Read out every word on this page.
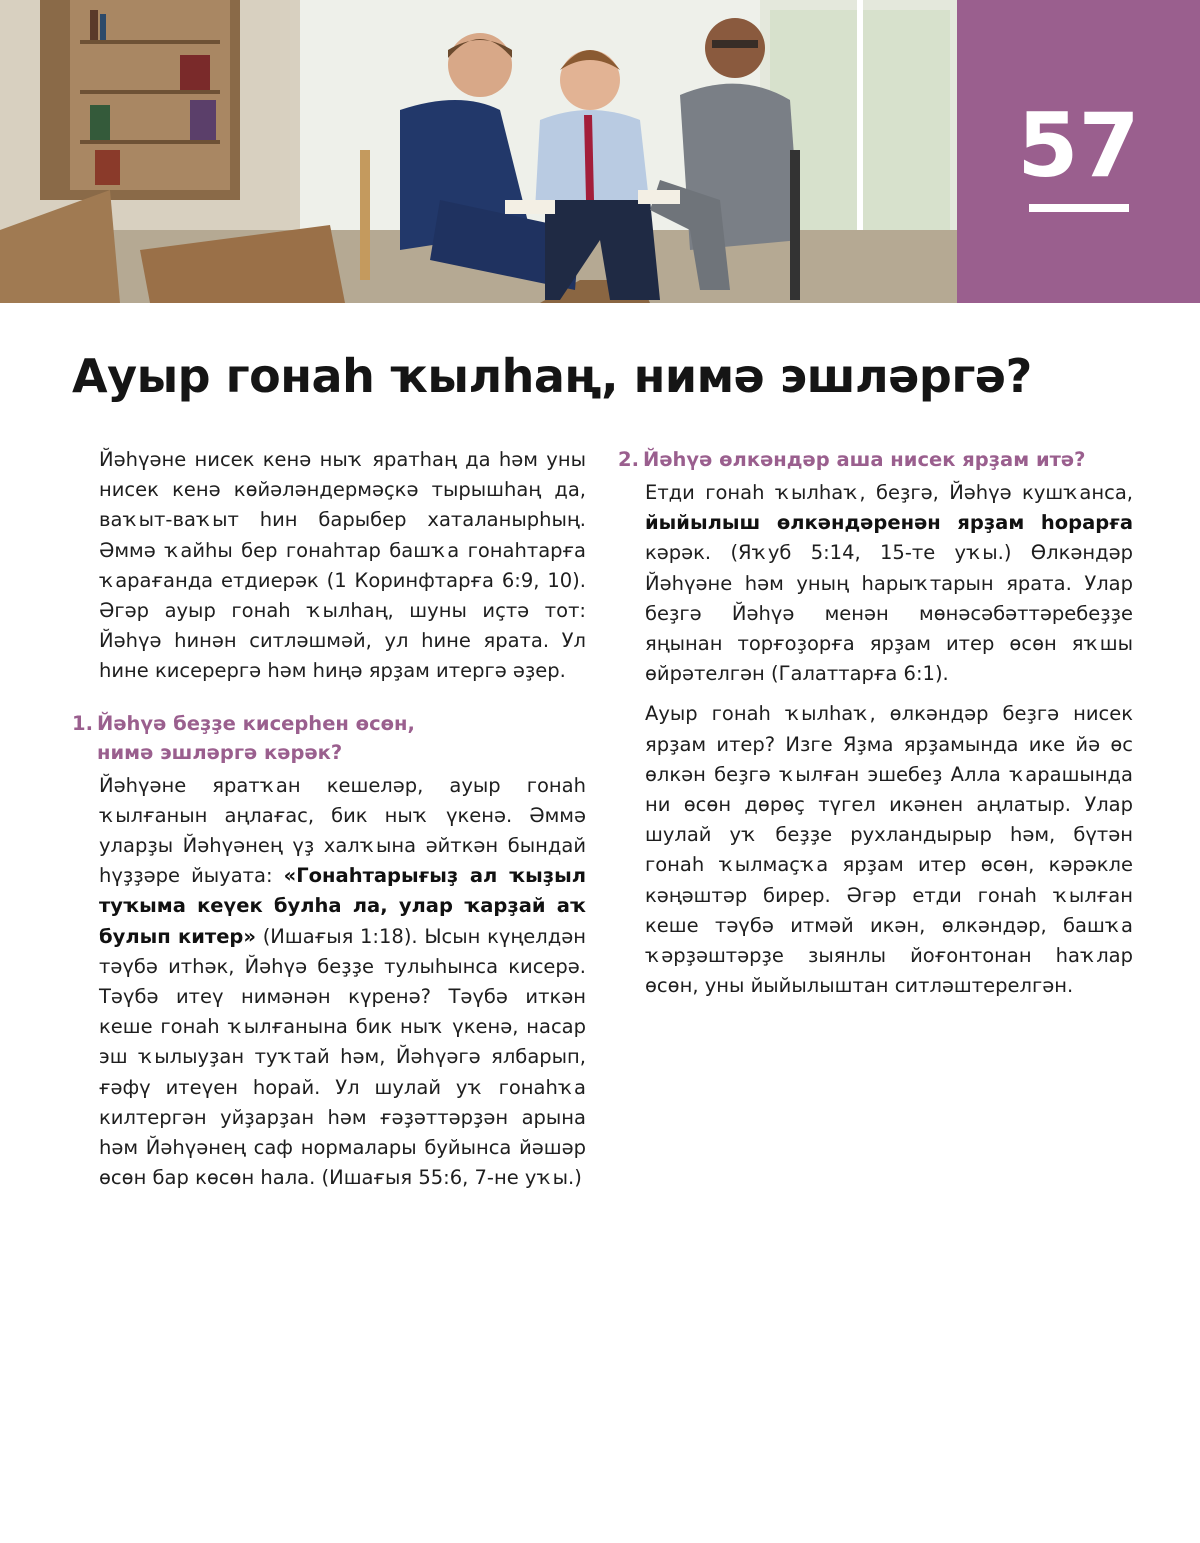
57
Ауыр гонаһ ҡылһаң, нимә эшләргә?

Йәһүәне нисек кенә ныҡ яратһаң да һәм уны нисек кенә көйәләндермәҫкә тырышһаң да, ваҡыт-ваҡыт һин барыбер хаталанырһың. Әммә ҡайһы бер гонаһтар башҡа гонаһтарға ҡарағанда етдиерәк (1 Коринфтарға 6:9, 10). Әгәр ауыр гонаһ ҡылһаң, шуны иҫтә тот: Йәһүә һинән ситләшмәй, ул һине ярата. Ул һине кисерергә һәм һиңә ярҙам итергә әҙер.

1. Йәһүә беҙҙе кисерһен өсөн,
нимә эшләргә кәрәк?

Йәһүәне яратҡан кешеләр, ауыр гонаһ ҡылғанын аңлағас, бик ныҡ үкенә. Әммә уларҙы Йәһүәнең үҙ халҡына әйткән бындай һүҙҙәре йыуата: «Гонаһтарығыҙ ал ҡыҙыл туҡыма кеүек булһа ла, улар ҡарҙай аҡ булып китер» (Ишағыя 1:18). Ысын күңелдән тәүбә итһәк, Йәһүә беҙҙе тулыһынса кисерә. Тәүбә итеү нимәнән күренә? Тәүбә иткән кеше гонаһ ҡылғанына бик ныҡ үкенә, насар эш ҡылыуҙан туҡтай һәм, Йәһүәгә ялбарып, ғәфү итеүен һорай. Ул шулай уҡ гонаһҡа килтергән уйҙарҙан һәм ғәҙәттәрҙән арына һәм Йәһүәнең саф нормалары буйынса йәшәр өсөн бар көсөн һала. (Ишағыя 55:6, 7-не уҡы.)

2. Йәһүә өлкәндәр аша нисек ярҙам итә?

Етди гонаһ ҡылһаҡ, беҙгә, Йәһүә кушҡанса, йыйылыш өлкәндәренән ярҙам һорарға кәрәк. (Яҡуб 5:14, 15-те уҡы.) Өлкәндәр Йәһүәне һәм уның һарыҡтарын ярата. Улар беҙгә Йәһүә менән мөнәсәбәттәребеҙҙе яңынан торғоҙорға ярҙам итер өсөн яҡшы өйрәтелгән (Галаттарға 6:1).

Ауыр гонаһ ҡылһаҡ, өлкәндәр беҙгә нисек ярҙам итер? Изге Яҙма ярҙамында ике йә өс өлкән беҙгә ҡылған эшебеҙ Алла ҡарашында ни өсөн дөрөҫ түгел икәнен аңлатыр. Улар шулай уҡ беҙҙе рухландырыр һәм, бүтән гонаһ ҡылмаҫҡа ярҙам итер өсөн, кәрәкле кәңәштәр бирер. Әгәр етди гонаһ ҡылған кеше тәүбә итмәй икән, өлкәндәр, башҡа ҡәрҙәштәрҙе зыянлы йоғонтонан һаҡлар өсөн, уны йыйылыштан ситләштерелгән.
